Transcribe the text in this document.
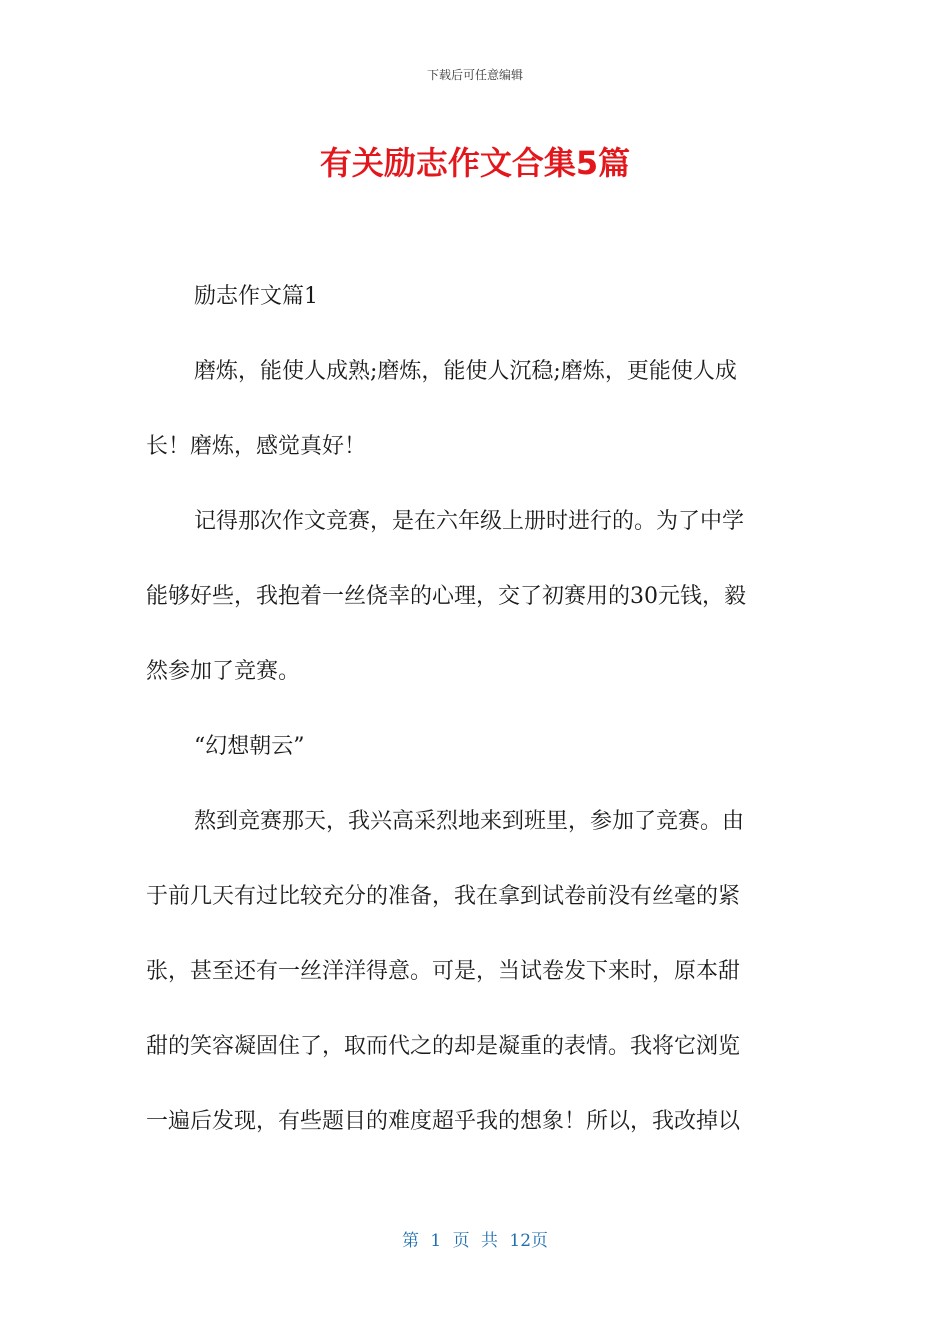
下载后可任意编辑
有关励志作文合集5篇
励志作文篇1
磨炼，能使人成熟;磨炼，能使人沉稳;磨炼，更能使人成
长！磨炼，感觉真好！
记得那次作文竞赛，是在六年级上册时进行的。为了中学
能够好些，我抱着一丝侥幸的心理，交了初赛用的30元钱，毅
然参加了竞赛。
“幻想朝云”
熬到竞赛那天，我兴高采烈地来到班里，参加了竞赛。由
于前几天有过比较充分的准备，我在拿到试卷前没有丝毫的紧
张，甚至还有一丝洋洋得意。可是，当试卷发下来时，原本甜
甜的笑容凝固住了，取而代之的却是凝重的表情。我将它浏览
一遍后发现，有些题目的难度超乎我的想象！所以，我改掉以
第 1 页 共 12页
